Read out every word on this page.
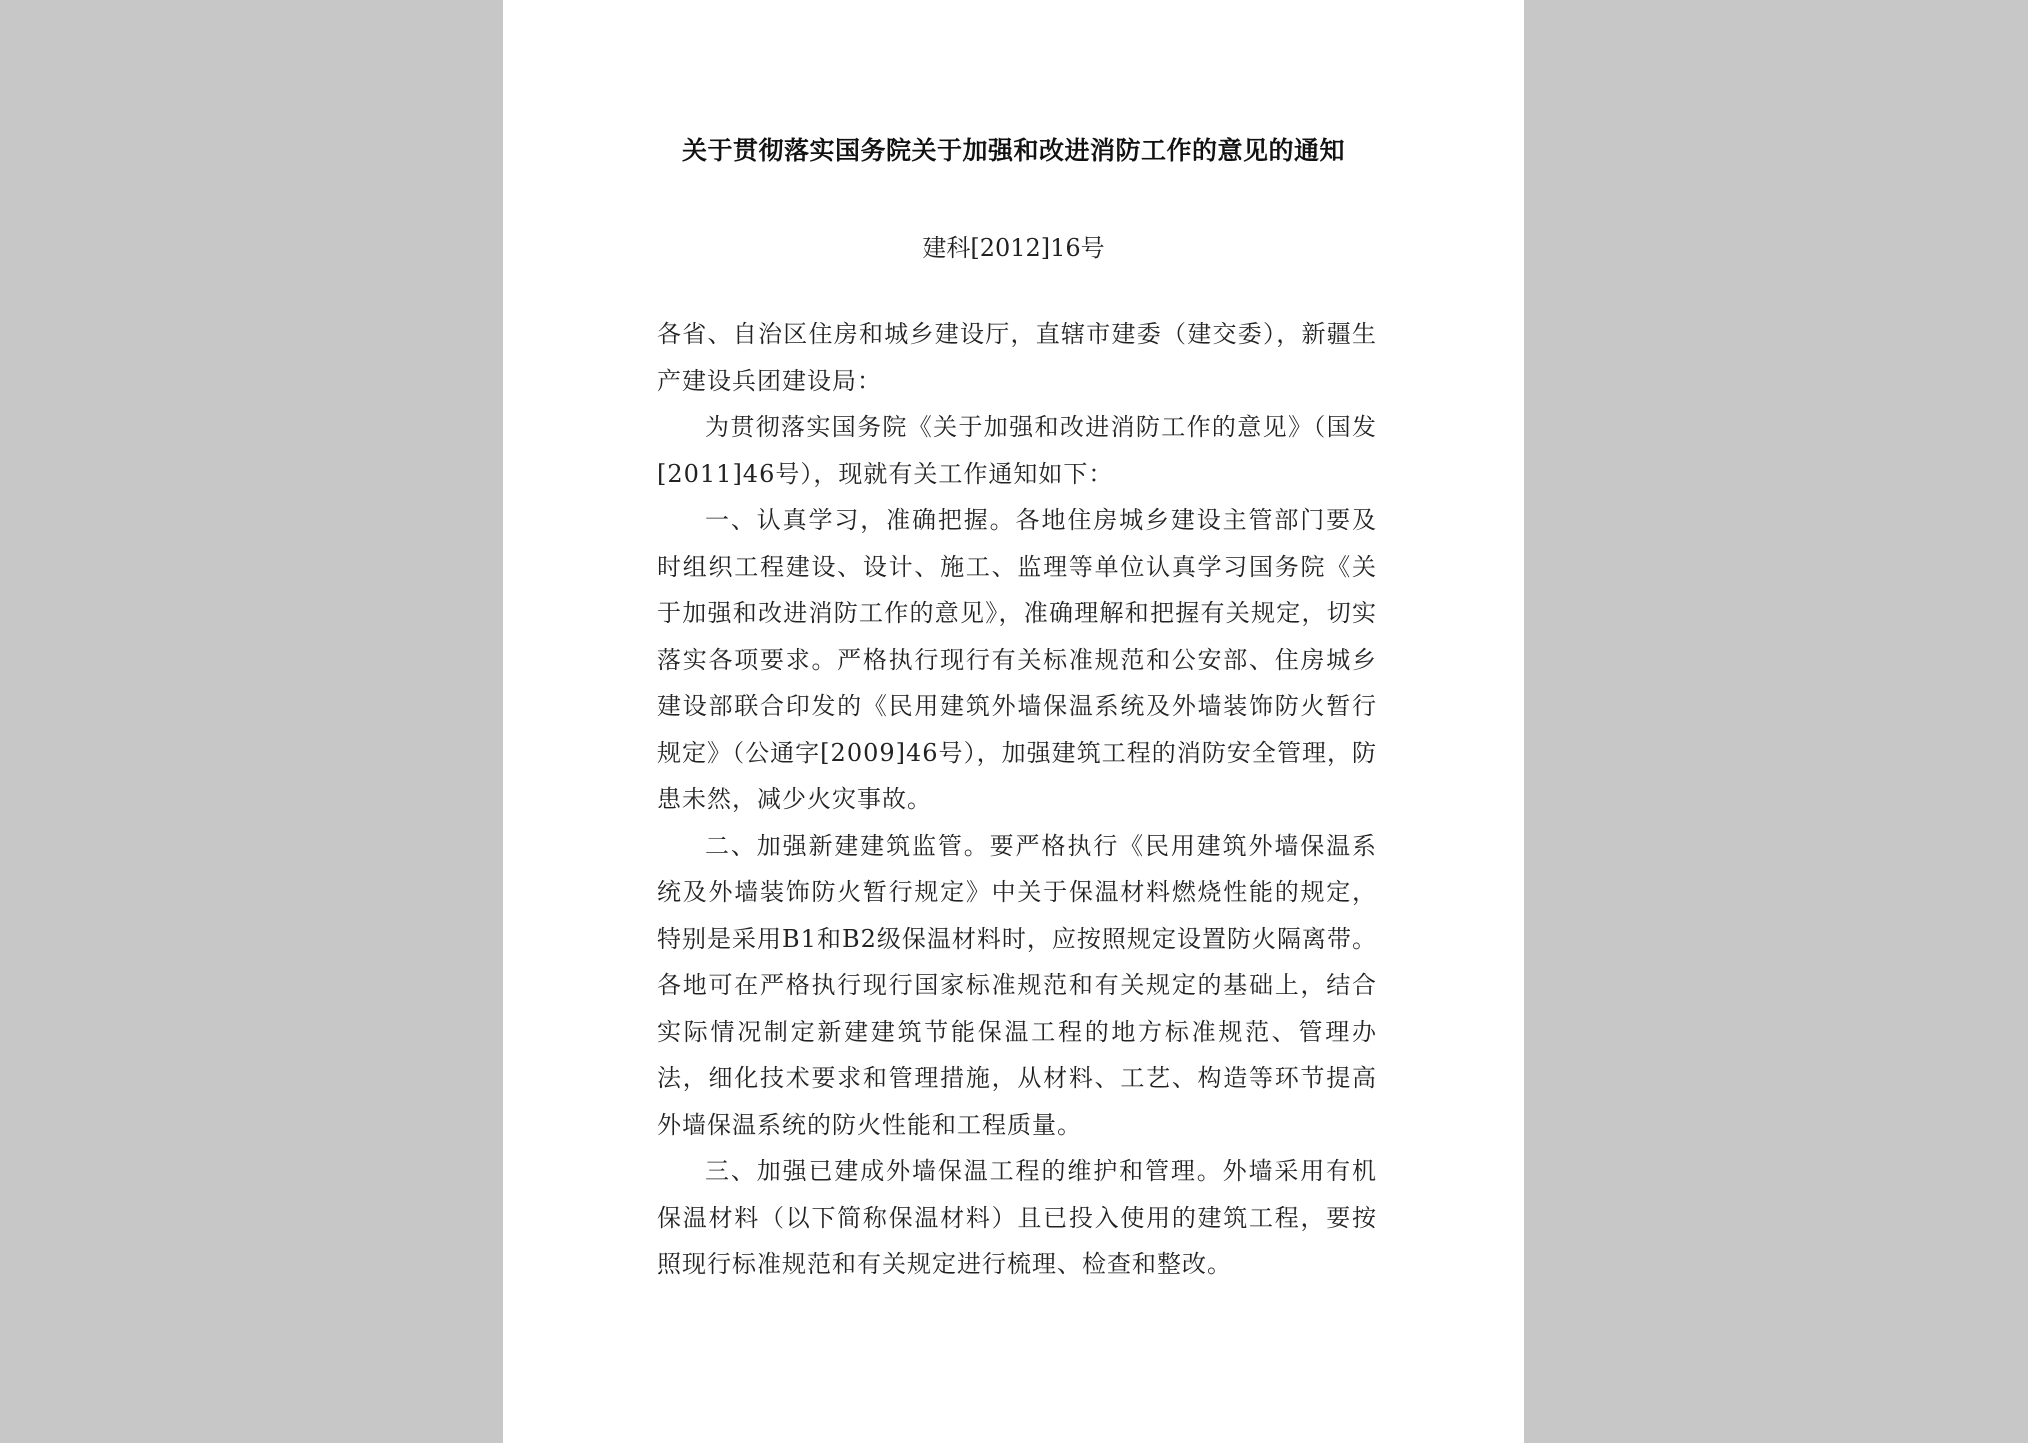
关于贯彻落实国务院关于加强和改进消防工作的意见的通知
建科[2012]16号

各省、自治区住房和城乡建设厅，直辖市建委（建交委），新疆生产建设兵团建设局：

为贯彻落实国务院《关于加强和改进消防工作的意见》（国发[2011]46号），现就有关工作通知如下：

一、认真学习，准确把握。各地住房城乡建设主管部门要及时组织工程建设、设计、施工、监理等单位认真学习国务院《关于加强和改进消防工作的意见》，准确理解和把握有关规定，切实落实各项要求。严格执行现行有关标准规范和公安部、住房城乡建设部联合印发的《民用建筑外墙保温系统及外墙装饰防火暂行规定》（公通字[2009]46号），加强建筑工程的消防安全管理，防患未然，减少火灾事故。

二、加强新建建筑监管。要严格执行《民用建筑外墙保温系统及外墙装饰防火暂行规定》中关于保温材料燃烧性能的规定，特别是采用B1和B2级保温材料时，应按照规定设置防火隔离带。各地可在严格执行现行国家标准规范和有关规定的基础上，结合实际情况制定新建建筑节能保温工程的地方标准规范、管理办法，细化技术要求和管理措施，从材料、工艺、构造等环节提高外墙保温系统的防火性能和工程质量。

三、加强已建成外墙保温工程的维护和管理。外墙采用有机保温材料（以下简称保温材料）且已投入使用的建筑工程，要按照现行标准规范和有关规定进行梳理、检查和整改。
